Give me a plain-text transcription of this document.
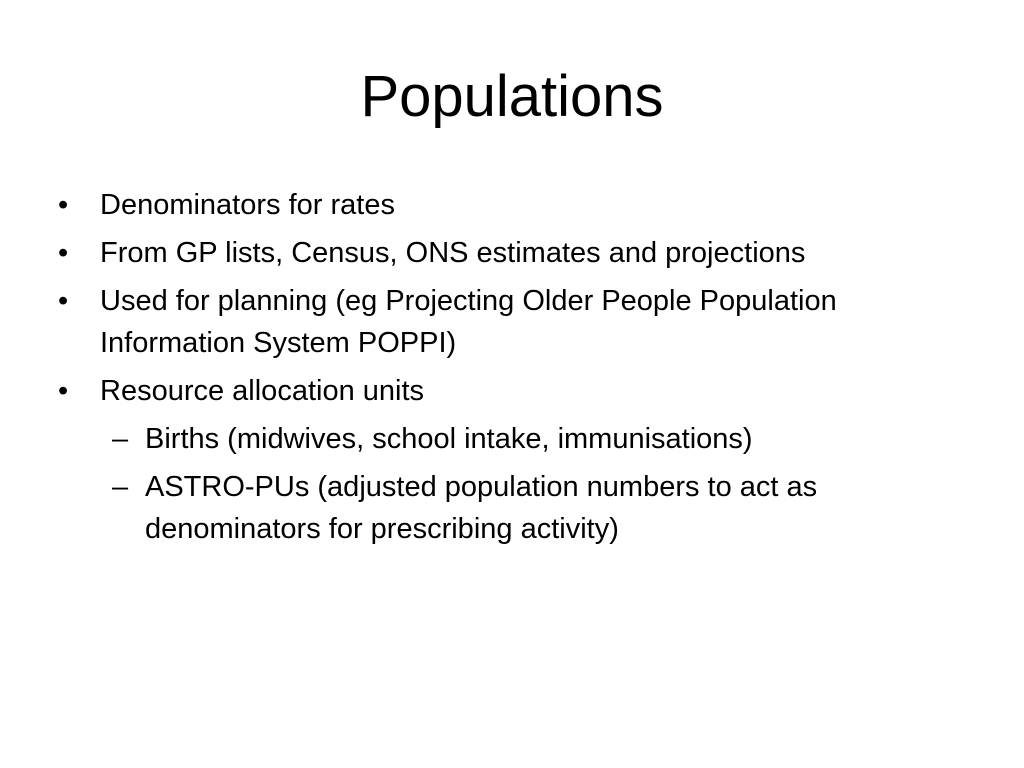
Populations
• Denominators for rates
• From GP lists, Census, ONS estimates and projections
• Used for planning (eg Projecting Older People Population Information System POPPI)
• Resource allocation units
– Births (midwives, school intake, immunisations)
– ASTRO-PUs (adjusted population numbers to act as denominators for prescribing activity)
